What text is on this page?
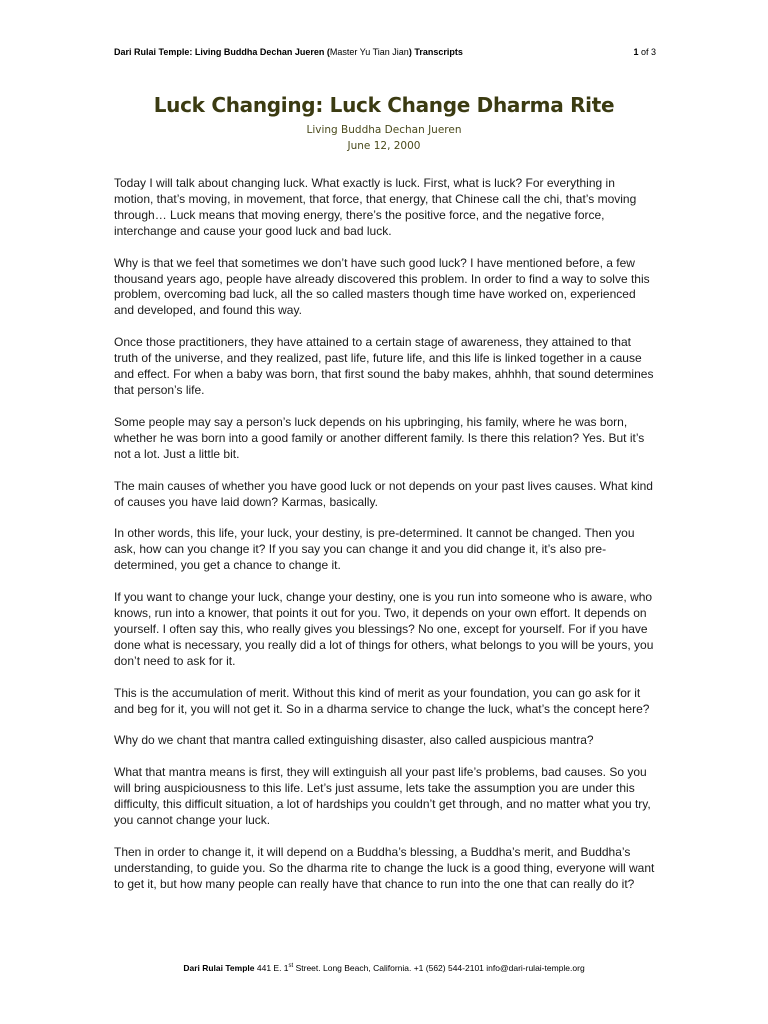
Dari Rulai Temple: Living Buddha Dechan Jueren (Master Yu Tian Jian) Transcripts	1 of 3
Luck Changing: Luck Change Dharma Rite
Living Buddha Dechan Jueren
June 12, 2000

Today I will talk about changing luck. What exactly is luck. First, what is luck? For everything in motion, that’s moving, in movement, that force, that energy, that Chinese call the chi, that’s moving through… Luck means that moving energy, there’s the positive force, and the negative force, interchange and cause your good luck and bad luck.

Why is that we feel that sometimes we don’t have such good luck? I have mentioned before, a few thousand years ago, people have already discovered this problem. In order to find a way to solve this problem, overcoming bad luck, all the so called masters though time have worked on, experienced and developed, and found this way.

Once those practitioners, they have attained to a certain stage of awareness, they attained to that truth of the universe, and they realized, past life, future life, and this life is linked together in a cause and effect. For when a baby was born, that first sound the baby makes, ahhhh, that sound determines that person’s life.

Some people may say a person’s luck depends on his upbringing, his family, where he was born, whether he was born into a good family or another different family. Is there this relation? Yes. But it’s not a lot. Just a little bit.

The main causes of whether you have good luck or not depends on your past lives causes. What kind of causes you have laid down? Karmas, basically.

In other words, this life, your luck, your destiny, is pre-determined. It cannot be changed. Then you ask, how can you change it? If you say you can change it and you did change it, it’s also pre-determined, you get a chance to change it.

If you want to change your luck, change your destiny, one is you run into someone who is aware, who knows, run into a knower, that points it out for you. Two, it depends on your own effort. It depends on yourself. I often say this, who really gives you blessings? No one, except for yourself. For if you have done what is necessary, you really did a lot of things for others, what belongs to you will be yours, you don’t need to ask for it.

This is the accumulation of merit. Without this kind of merit as your foundation, you can go ask for it and beg for it, you will not get it. So in a dharma service to change the luck, what’s the concept here?

Why do we chant that mantra called extinguishing disaster, also called auspicious mantra?

What that mantra means is first, they will extinguish all your past life’s problems, bad causes. So you will bring auspiciousness to this life. Let’s just assume, lets take the assumption you are under this difficulty, this difficult situation, a lot of hardships you couldn’t get through, and no matter what you try, you cannot change your luck.

Then in order to change it, it will depend on a Buddha’s blessing, a Buddha’s merit, and Buddha’s understanding, to guide you. So the dharma rite to change the luck is a good thing, everyone will want to get it, but how many people can really have that chance to run into the one that can really do it?

Dari Rulai Temple 441 E. 1st Street. Long Beach, California. +1 (562) 544-2101 info@dari-rulai-temple.org
